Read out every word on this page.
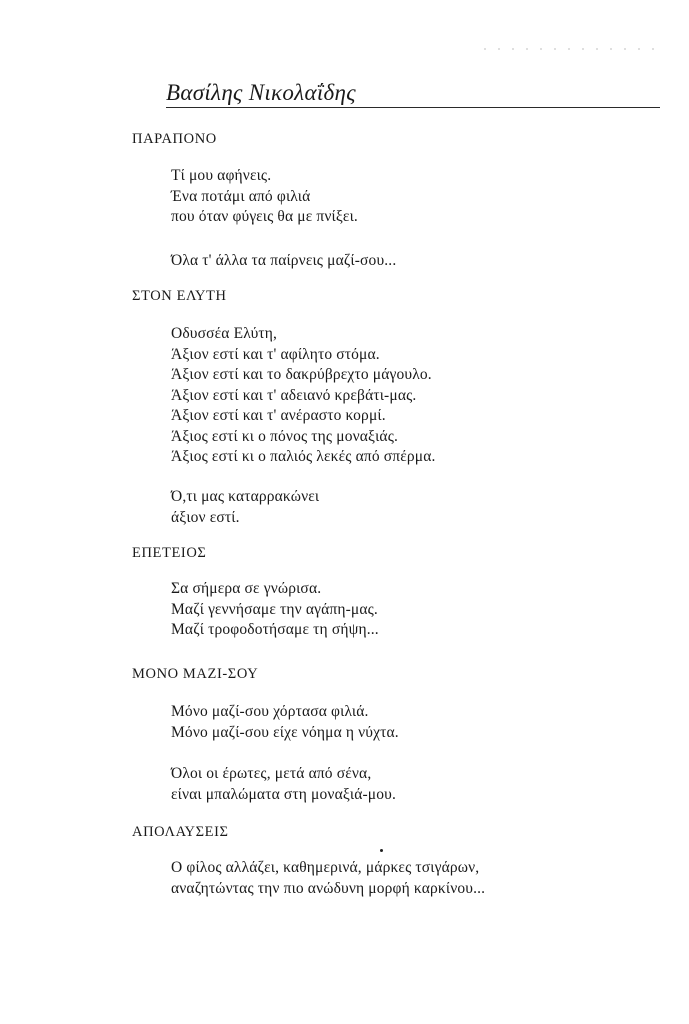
Βασίλης Νικολαΐδης
ΠΑΡΑΠΟΝΟ
Τί μου αφήνεις.
Ένα ποτάμι από φιλιά
που όταν φύγεις θα με πνίξει.
Όλα τ' άλλα τα παίρνεις μαζί-σου...
ΣΤΟΝ ΕΛΥΤΗ
Οδυσσέα Ελύτη,
Άξιον εστί και τ' αφίλητο στόμα.
Άξιον εστί και το δακρύβρεχτο μάγουλο.
Άξιον εστί και τ' αδειανό κρεβάτι-μας.
Άξιον εστί και τ' ανέραστο κορμί.
Άξιος εστί κι ο πόνος της μοναξιάς.
Άξιος εστί κι ο παλιός λεκές από σπέρμα.
Ό,τι μας καταρρακώνει
άξιον εστί.
ΕΠΕΤΕΙΟΣ
Σα σήμερα σε γνώρισα.
Μαζί γεννήσαμε την αγάπη-μας.
Μαζί τροφοδοτήσαμε τη σήψη...
ΜΟΝΟ ΜΑΖΙ-ΣΟΥ
Μόνο μαζί-σου χόρτασα φιλιά.
Μόνο μαζί-σου είχε νόημα η νύχτα.
Όλοι οι έρωτες, μετά από σένα,
είναι μπαλώματα στη μοναξιά-μου.
ΑΠΟΛΑΥΣΕΙΣ
Ο φίλος αλλάζει, καθημερινά, μάρκες τσιγάρων,
αναζητώντας την πιο ανώδυνη μορφή καρκίνου...
